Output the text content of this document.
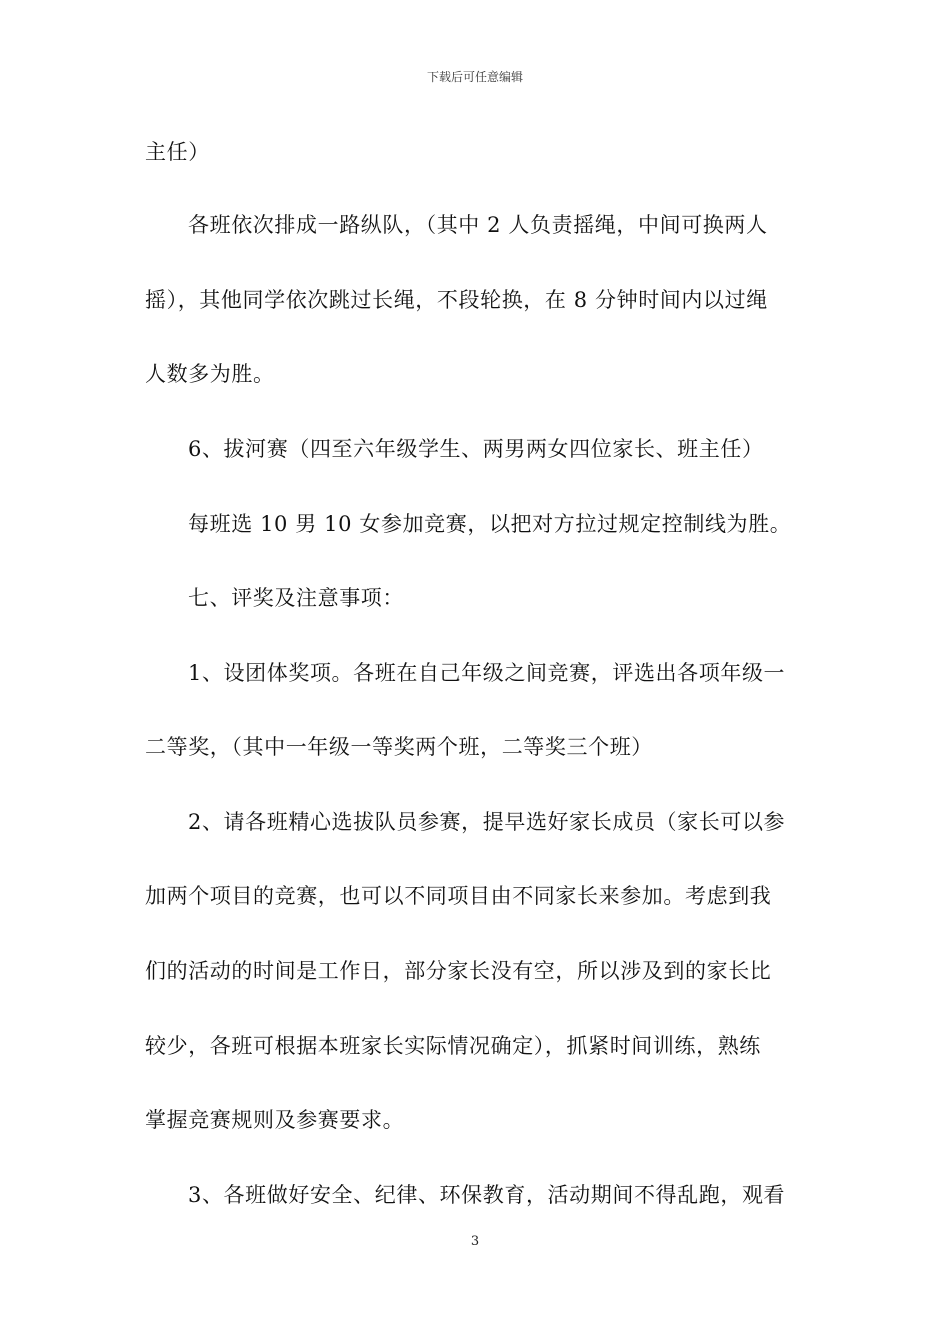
下载后可任意编辑
主任）
各班依次排成一路纵队，（其中 2 人负责摇绳，中间可换两人
摇），其他同学依次跳过长绳，不段轮换，在 8 分钟时间内以过绳
人数多为胜。
6、拔河赛（四至六年级学生、两男两女四位家长、班主任）
每班选 10 男 10 女参加竞赛，以把对方拉过规定控制线为胜。
七、评奖及注意事项：
1、设团体奖项。各班在自己年级之间竞赛，评选出各项年级一
二等奖，（其中一年级一等奖两个班，二等奖三个班）
2、请各班精心选拔队员参赛，提早选好家长成员（家长可以参
加两个项目的竞赛，也可以不同项目由不同家长来参加。考虑到我
们的活动的时间是工作日，部分家长没有空，所以涉及到的家长比
较少，各班可根据本班家长实际情况确定），抓紧时间训练，熟练
掌握竞赛规则及参赛要求。
3、各班做好安全、纪律、环保教育，活动期间不得乱跑，观看
3
